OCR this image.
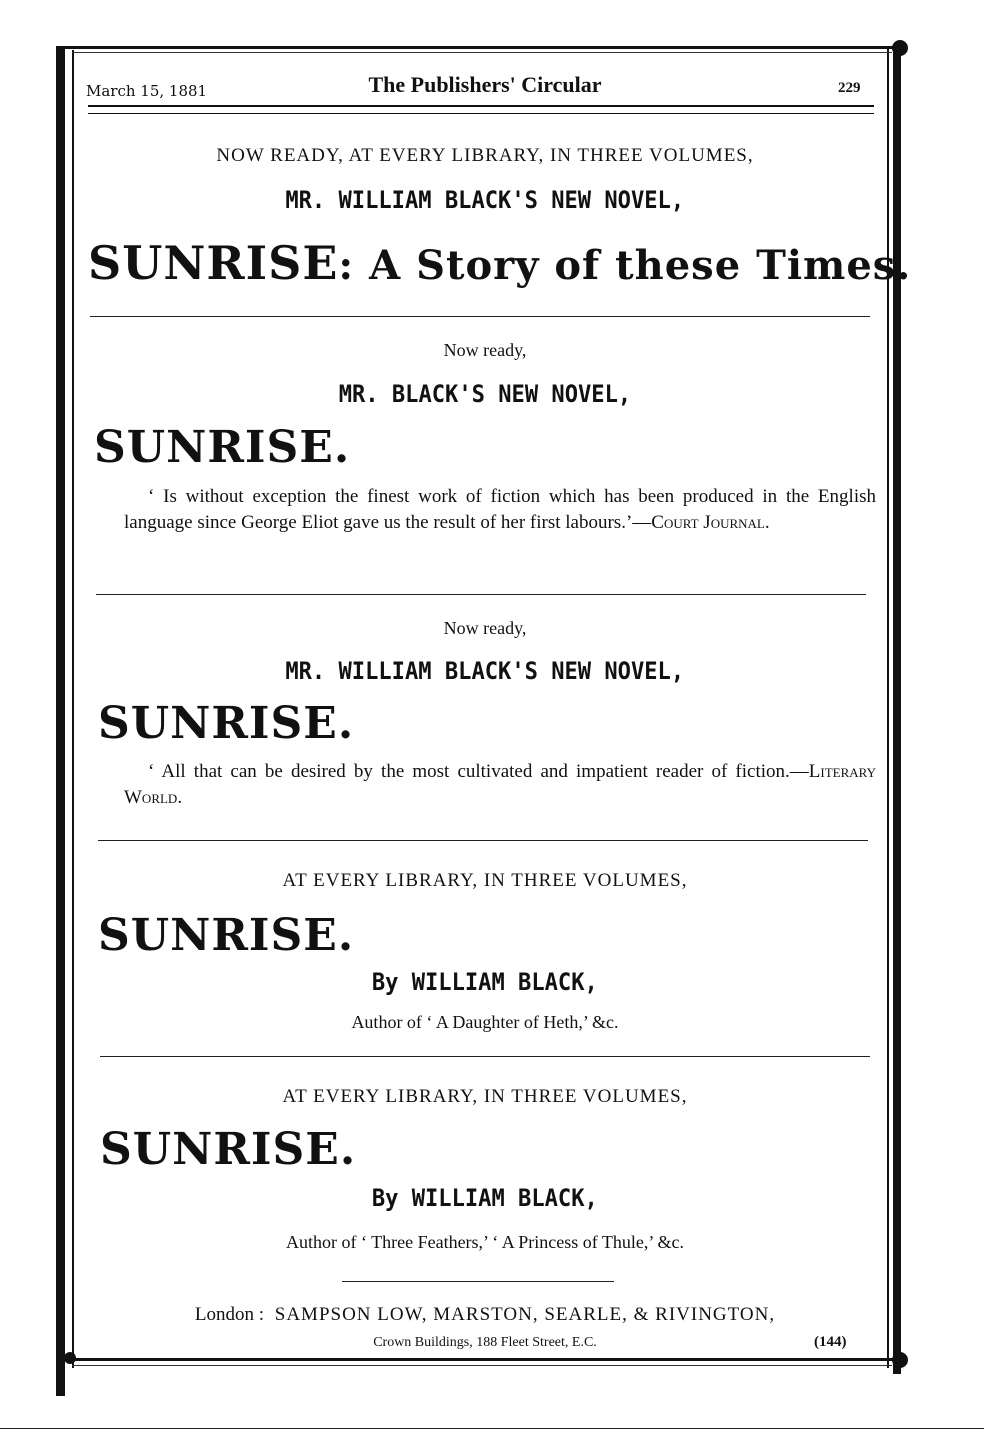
March 15, 1881	The Publishers' Circular	229
NOW READY, AT EVERY LIBRARY, IN THREE VOLUMES,
MR. WILLIAM BLACK'S NEW NOVEL,
SUNRISE: A Story of these Times.
Now ready,
MR. BLACK'S NEW NOVEL,
SUNRISE.
‘ Is without exception the finest work of fiction which has been produced in the English language since George Eliot gave us the result of her first labours.’—Court Journal.
Now ready,
MR. WILLIAM BLACK'S NEW NOVEL,
SUNRISE.
‘ All that can be desired by the most cultivated and impatient reader of fiction.—Literary World.
AT EVERY LIBRARY, IN THREE VOLUMES,
SUNRISE.
By WILLIAM BLACK,
Author of ‘ A Daughter of Heth,’ &c.
AT EVERY LIBRARY, IN THREE VOLUMES,
SUNRISE.
By WILLIAM BLACK,
Author of ‘ Three Feathers,’ ‘ A Princess of Thule,’ &c.
London : SAMPSON LOW, MARSTON, SEARLE, & RIVINGTON,
Crown Buildings, 188 Fleet Street, E.C.	(144)
